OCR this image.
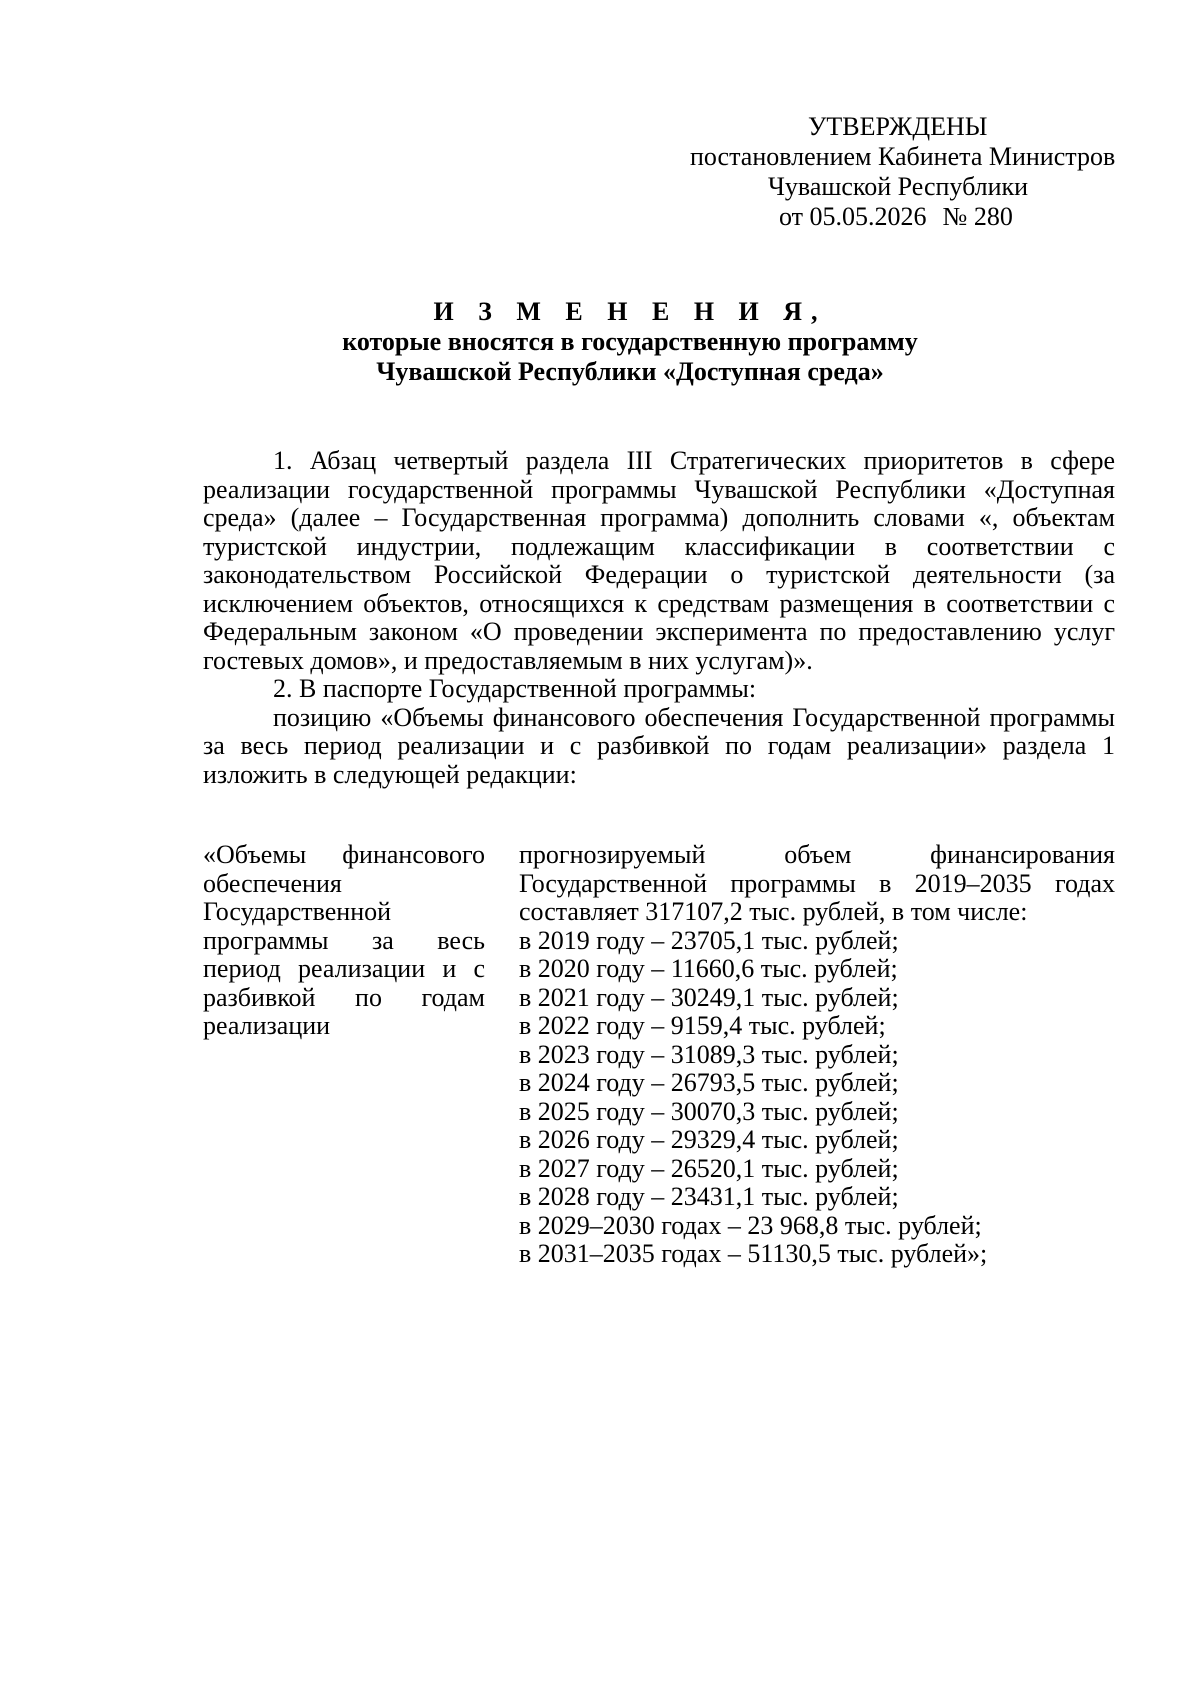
УТВЕРЖДЕНЫ
постановлением Кабинета Министров
Чувашской Республики
от 05.05.2026 № 280
И З М Е Н Е Н И Я,
которые вносятся в государственную программу
Чувашской Республики «Доступная среда»

1. Абзац четвертый раздела III Стратегических приоритетов в сфере реализации государственной программы Чувашской Республики «Доступная среда» (далее – Государственная программа) дополнить словами «, объектам туристской индустрии, подлежащим классификации в соответствии с законодательством Российской Федерации о туристской деятельности (за исключением объектов, относящихся к средствам размещения в соответствии с Федеральным законом «О проведении эксперимента по предоставлению услуг гостевых домов», и предоставляемым в них услугам)».

2. В паспорте Государственной программы:

позицию «Объемы финансового обеспечения Государственной программы за весь период реализации и с разбивкой по годам реализации» раздела 1 изложить в следующей редакции:

«Объемы финансового обеспечения Государственной программы за весь период реализации и с разбивкой по годам реализации
прогнозируемый объем финансирования Государственной программы в 2019–2035 годах составляет 317107,2 тыс. рублей, в том числе:
в 2019 году – 23705,1 тыс. рублей;
в 2020 году – 11660,6 тыс. рублей;
в 2021 году – 30249,1 тыс. рублей;
в 2022 году – 9159,4 тыс. рублей;
в 2023 году – 31089,3 тыс. рублей;
в 2024 году – 26793,5 тыс. рублей;
в 2025 году – 30070,3 тыс. рублей;
в 2026 году – 29329,4 тыс. рублей;
в 2027 году – 26520,1 тыс. рублей;
в 2028 году – 23431,1 тыс. рублей;
в 2029–2030 годах – 23 968,8 тыс. рублей;
в 2031–2035 годах – 51130,5 тыс. рублей»;
